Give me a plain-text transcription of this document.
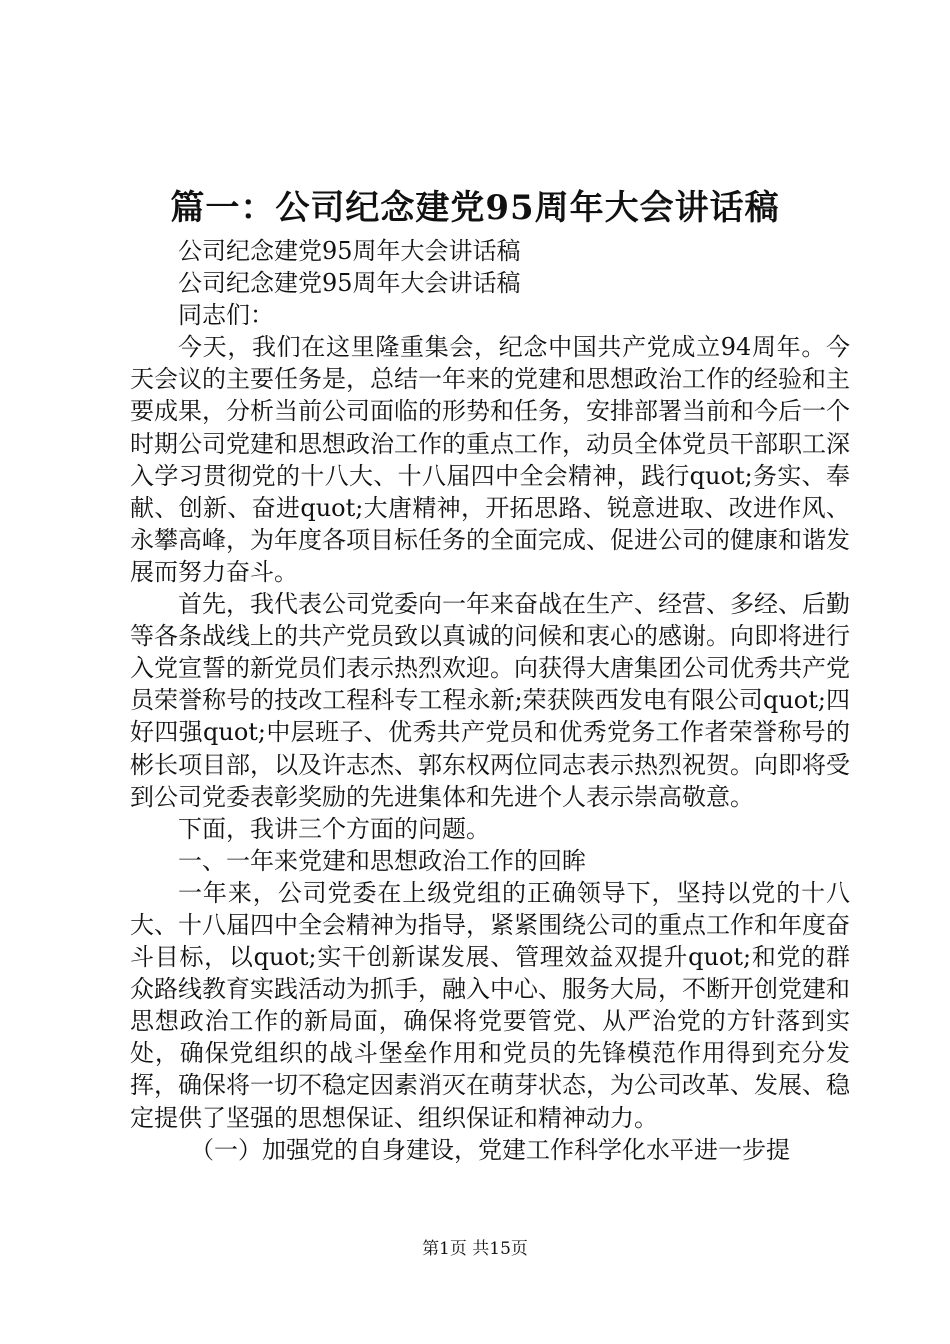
篇一：公司纪念建党95周年大会讲话稿

公司纪念建党95周年大会讲话稿

公司纪念建党95周年大会讲话稿

同志们：

今天，我们在这里隆重集会，纪念中国共产党成立94周年。今天会议的主要任务是，总结一年来的党建和思想政治工作的经验和主要成果，分析当前公司面临的形势和任务，安排部署当前和今后一个时期公司党建和思想政治工作的重点工作，动员全体党员干部职工深入学习贯彻党的十八大、十八届四中全会精神，践行quot;务实、奉献、创新、奋进quot;大唐精神，开拓思路、锐意进取、改进作风、永攀高峰，为年度各项目标任务的全面完成、促进公司的健康和谐发展而努力奋斗。

首先，我代表公司党委向一年来奋战在生产、经营、多经、后勤等各条战线上的共产党员致以真诚的问候和衷心的感谢。向即将进行入党宣誓的新党员们表示热烈欢迎。向获得大唐集团公司优秀共产党员荣誉称号的技改工程科专工程永新;荣获陕西发电有限公司quot;四好四强quot;中层班子、优秀共产党员和优秀党务工作者荣誉称号的彬长项目部，以及许志杰、郭东权两位同志表示热烈祝贺。向即将受到公司党委表彰奖励的先进集体和先进个人表示崇高敬意。

下面，我讲三个方面的问题。

一、一年来党建和思想政治工作的回眸

一年来，公司党委在上级党组的正确领导下，坚持以党的十八大、十八届四中全会精神为指导，紧紧围绕公司的重点工作和年度奋斗目标，以quot;实干创新谋发展、管理效益双提升quot;和党的群众路线教育实践活动为抓手，融入中心、服务大局，不断开创党建和思想政治工作的新局面，确保将党要管党、从严治党的方针落到实处，确保党组织的战斗堡垒作用和党员的先锋模范作用得到充分发挥，确保将一切不稳定因素消灭在萌芽状态，为公司改革、发展、稳定提供了坚强的思想保证、组织保证和精神动力。

（一）加强党的自身建设，党建工作科学化水平进一步提

第1页 共15页
